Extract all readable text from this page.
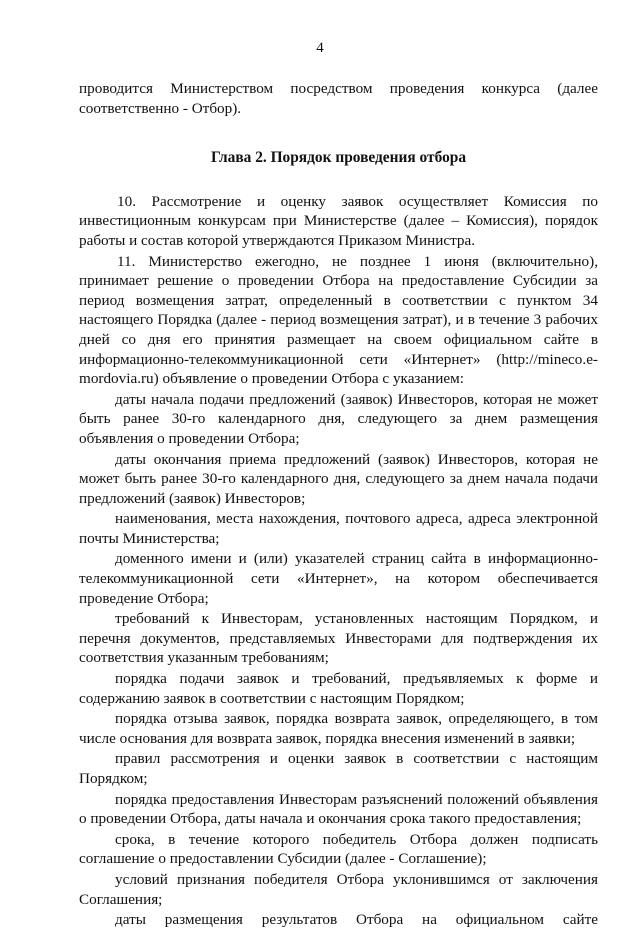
4

проводится Министерством посредством проведения конкурса (далее

соответственно - Отбор).

Глава 2. Порядок проведения отбора

10. Рассмотрение и оценку заявок осуществляет Комиссия по инвестиционным конкурсам при Министерстве (далее – Комиссия), порядок работы и состав которой утверждаются Приказом Министра.

11. Министерство ежегодно, не позднее 1 июня (включительно), принимает решение о проведении Отбора на предоставление Субсидии за период возмещения затрат, определенный в соответствии с пунктом 34 настоящего Порядка (далее - период возмещения затрат), и в течение 3 рабочих дней со дня его принятия размещает на своем официальном сайте в информационно-телекоммуникационной сети «Интернет» (http://mineco.e-mordovia.ru) объявление о проведении Отбора с указанием:

даты начала подачи предложений (заявок) Инвесторов, которая не может быть ранее 30-го календарного дня, следующего за днем размещения объявления о проведении Отбора;

даты окончания приема предложений (заявок) Инвесторов, которая не может быть ранее 30-го календарного дня, следующего за днем начала подачи предложений (заявок) Инвесторов;

наименования, места нахождения, почтового адреса, адреса электронной почты Министерства;

доменного имени и (или) указателей страниц сайта в информационно-телекоммуникационной сети «Интернет», на котором обеспечивается проведение Отбора;

требований к Инвесторам, установленных настоящим Порядком, и перечня документов, представляемых Инвесторами для подтверждения их соответствия указанным требованиям;

порядка подачи заявок и требований, предъявляемых к форме и содержанию заявок в соответствии с настоящим Порядком;

порядка отзыва заявок, порядка возврата заявок, определяющего, в том числе основания для возврата заявок, порядка внесения изменений в заявки;

правил рассмотрения и оценки заявок в соответствии с настоящим Порядком;

порядка предоставления Инвесторам разъяснений положений объявления о проведении Отбора, даты начала и окончания срока такого предоставления;

срока, в течение которого победитель Отбора должен подписать соглашение о предоставлении Субсидии (далее - Соглашение);

условий признания победителя Отбора уклонившимся от заключения Соглашения;

даты размещения результатов Отбора на официальном сайте
